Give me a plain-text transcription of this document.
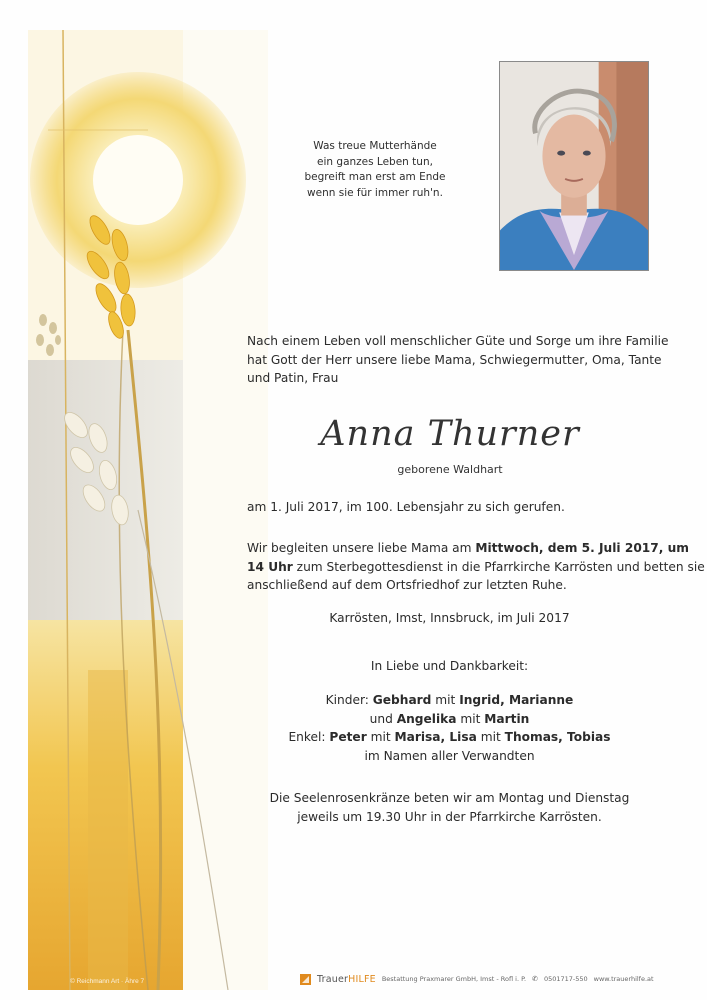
© Reichmann Art · Ähre 7
Was treue Mutterhände
ein ganzes Leben tun,
begreift man erst am Ende
wenn sie für immer ruh'n.
Nach einem Leben voll menschlicher Güte und Sorge um ihre Familie
hat Gott der Herr unsere liebe Mama, Schwiegermutter, Oma, Tante
und Patin, Frau
Anna Thurner
geborene Waldhart
am 1. Juli 2017, im 100. Lebensjahr zu sich gerufen.
Wir begleiten unsere liebe Mama am Mittwoch, dem 5. Juli 2017, um
14 Uhr zum Sterbegottesdienst in die Pfarrkirche Karrösten und betten sie
anschließend auf dem Ortsfriedhof zur letzten Ruhe.
Karrösten, Imst, Innsbruck, im Juli 2017
In Liebe und Dankbarkeit:
Kinder: Gebhard mit Ingrid, Marianne
und Angelika mit Martin
Enkel: Peter mit Marisa, Lisa mit Thomas, Tobias
im Namen aller Verwandten
Die Seelenrosenkränze beten wir am Montag und Dienstag
jeweils um 19.30 Uhr in der Pfarrkirche Karrösten.
TrauerHILFE Bestattung Praxmarer GmbH, Imst - Rofl i. P. ✆ 0501717-550 www.trauerhilfe.at
